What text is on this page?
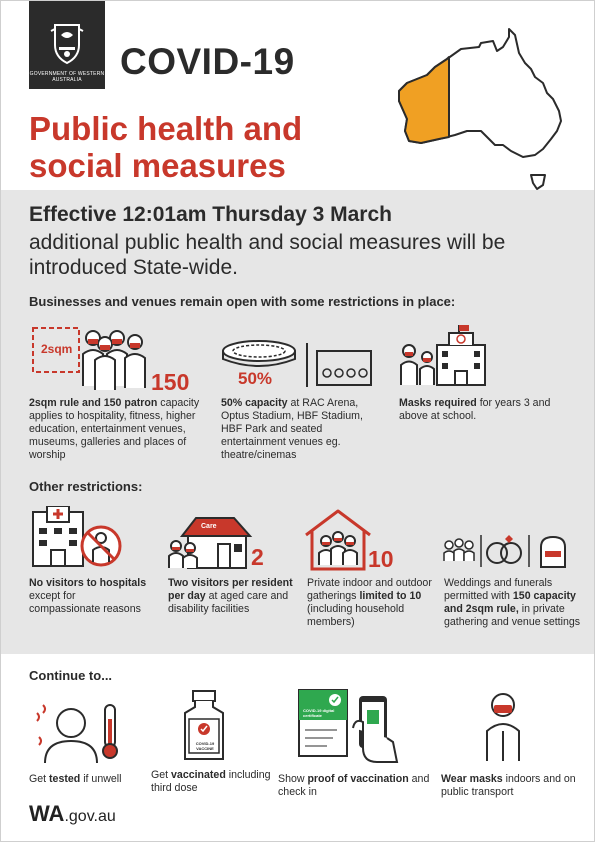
GOVERNMENT OF WESTERN AUSTRALIA	COVID-19
Public health and social measures
Effective 12:01am Thursday 3 March
additional public health and social measures will be introduced State-wide.
Businesses and venues remain open with some restrictions in place:
2sqm
150
2sqm rule and 150 patron capacity applies to hospitality, fitness, higher education, entertainment venues, museums, galleries and places of worship
50%
50% capacity at RAC Arena, Optus Stadium, HBF Stadium, HBF Park and seated entertainment venues eg. theatre/cinemas
Masks required for years 3 and above at school.
Other restrictions:
No visitors to hospitals except for compassionate reasons
Care
2
Two visitors per resident per day at aged care and disability facilities
10
Private indoor and outdoor gatherings limited to 10 (including household members)
Weddings and funerals permitted with 150 capacity and 2sqm rule, in private gathering and venue settings
Continue to...
Get tested if unwell
COVID-19 VACCINE
Get vaccinated including third dose
COVID-19 digital certificate
Show proof of vaccination and check in
Wear masks indoors and on public transport
WA.gov.au
